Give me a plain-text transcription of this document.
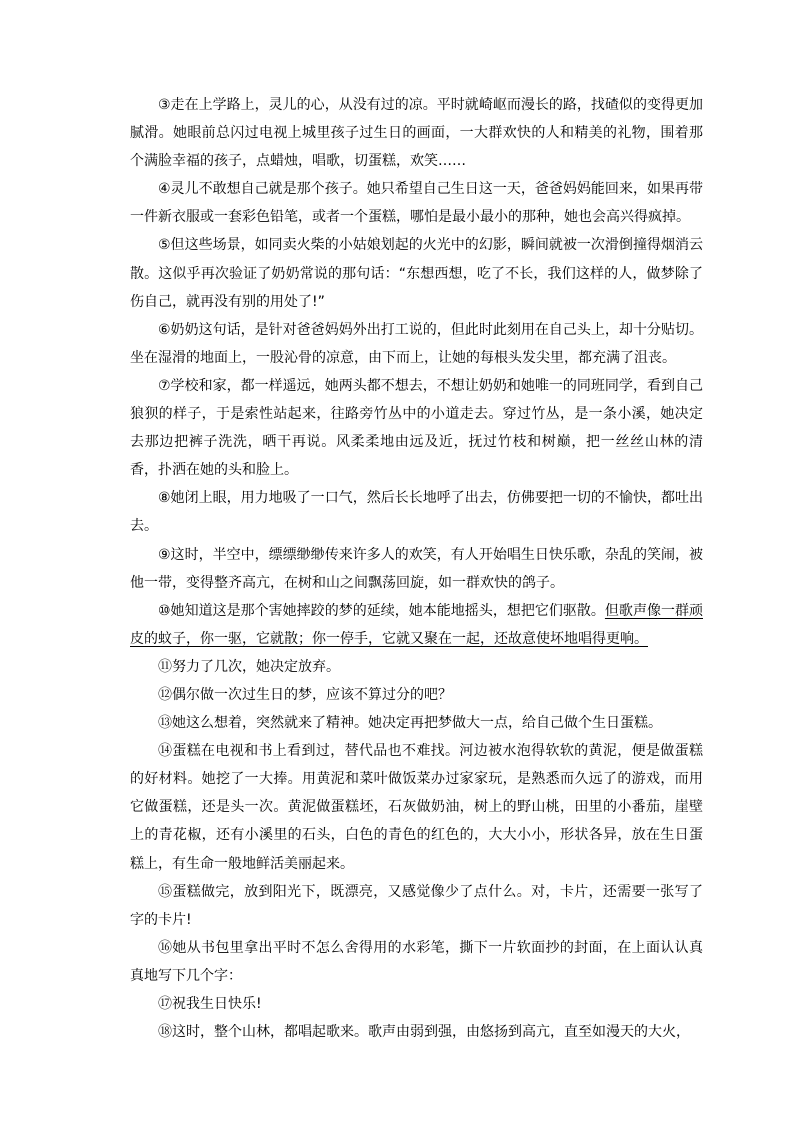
③走在上学路上，灵儿的心，从没有过的凉。平时就崎岖而漫长的路，找碴似的变得更加腻滑。她眼前总闪过电视上城里孩子过生日的画面，一大群欢快的人和精美的礼物，围着那个满脸幸福的孩子，点蜡烛，唱歌，切蛋糕，欢笑……

④灵儿不敢想自己就是那个孩子。她只希望自己生日这一天，爸爸妈妈能回来，如果再带一件新衣服或一套彩色铅笔，或者一个蛋糕，哪怕是最小最小的那种，她也会高兴得疯掉。

⑤但这些场景，如同卖火柴的小姑娘划起的火光中的幻影，瞬间就被一次滑倒撞得烟消云散。这似乎再次验证了奶奶常说的那句话：“东想西想，吃了不长，我们这样的人，做梦除了伤自己，就再没有别的用处了!”

⑥奶奶这句话，是针对爸爸妈妈外出打工说的，但此时此刻用在自己头上，却十分贴切。坐在湿滑的地面上，一股沁骨的凉意，由下而上，让她的每根头发尖里，都充满了沮丧。

⑦学校和家，都一样遥远，她两头都不想去，不想让奶奶和她唯一的同班同学，看到自己狼狈的样子，于是索性站起来，往路旁竹丛中的小道走去。穿过竹丛，是一条小溪，她决定去那边把裤子洗洗，晒干再说。风柔柔地由远及近，抚过竹枝和树巅，把一丝丝山林的清香，扑洒在她的头和脸上。

⑧她闭上眼，用力地吸了一口气，然后长长地呼了出去，仿佛要把一切的不愉快，都吐出去。

⑨这时，半空中，缥缥缈缈传来许多人的欢笑，有人开始唱生日快乐歌，杂乱的笑闹，被他一带，变得整齐高亢，在树和山之间飘荡回旋，如一群欢快的鸽子。

⑩她知道这是那个害她摔跤的梦的延续，她本能地摇头，想把它们驱散。但歌声像一群顽皮的蚊子，你一驱，它就散；你一停手，它就又聚在一起，还故意使坏地唱得更响。

⑪努力了几次，她决定放弃。

⑫偶尔做一次过生日的梦，应该不算过分的吧？

⑬她这么想着，突然就来了精神。她决定再把梦做大一点，给自己做个生日蛋糕。

⑭蛋糕在电视和书上看到过，替代品也不难找。河边被水泡得软软的黄泥，便是做蛋糕的好材料。她挖了一大捧。用黄泥和菜叶做饭菜办过家家玩，是熟悉而久远了的游戏，而用它做蛋糕，还是头一次。黄泥做蛋糕坯，石灰做奶油，树上的野山桃，田里的小番茄，崖壁上的青花椒，还有小溪里的石头，白色的青色的红色的，大大小小，形状各异，放在生日蛋糕上，有生命一般地鲜活美丽起来。

⑮蛋糕做完，放到阳光下，既漂亮，又感觉像少了点什么。对，卡片，还需要一张写了字的卡片!

⑯她从书包里拿出平时不怎么舍得用的水彩笔，撕下一片软面抄的封面，在上面认认真真地写下几个字：

⑰祝我生日快乐!

⑱这时，整个山林，都唱起歌来。歌声由弱到强，由悠扬到高亢，直至如漫天的大火，
